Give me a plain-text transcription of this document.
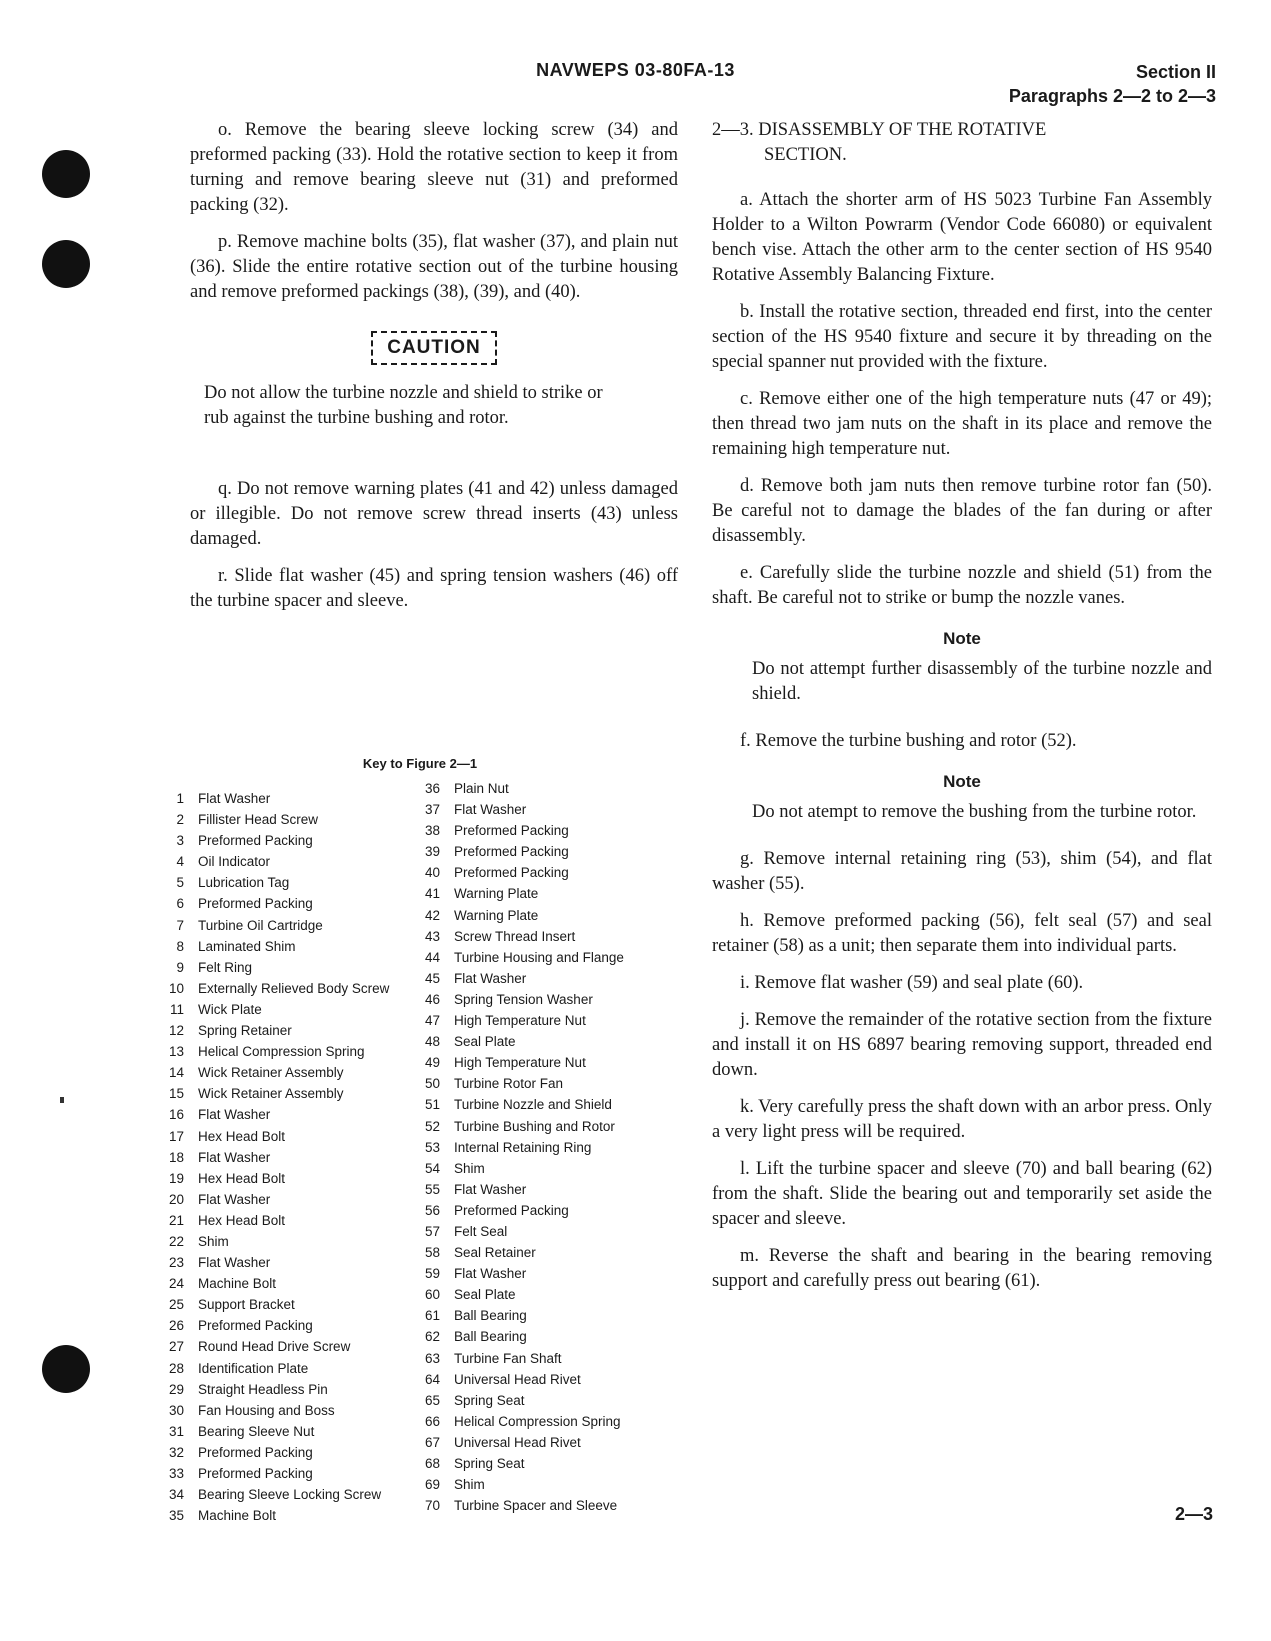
NAVWEPS 03-80FA-13	Section II
Paragraphs 2—2 to 2—3

o. Remove the bearing sleeve locking screw (34) and preformed packing (33). Hold the rotative section to keep it from turning and remove bearing sleeve nut (31) and preformed packing (32).

p. Remove machine bolts (35), flat washer (37), and plain nut (36). Slide the entire rotative section out of the turbine housing and remove preformed packings (38), (39), and (40).

CAUTION

Do not allow the turbine nozzle and shield to strike or rub against the turbine bushing and rotor.

q. Do not remove warning plates (41 and 42) unless damaged or illegible. Do not remove screw thread inserts (43) unless damaged.

r. Slide flat washer (45) and spring tension washers (46) off the turbine spacer and sleeve.

Key to Figure 2—1
1 Flat Washer
2 Fillister Head Screw
3 Preformed Packing
4 Oil Indicator
5 Lubrication Tag
6 Preformed Packing
7 Turbine Oil Cartridge
8 Laminated Shim
9 Felt Ring
10 Externally Relieved Body Screw
11 Wick Plate
12 Spring Retainer
13 Helical Compression Spring
14 Wick Retainer Assembly
15 Wick Retainer Assembly
16 Flat Washer
17 Hex Head Bolt
18 Flat Washer
19 Hex Head Bolt
20 Flat Washer
21 Hex Head Bolt
22 Shim
23 Flat Washer
24 Machine Bolt
25 Support Bracket
26 Preformed Packing
27 Round Head Drive Screw
28 Identification Plate
29 Straight Headless Pin
30 Fan Housing and Boss
31 Bearing Sleeve Nut
32 Preformed Packing
33 Preformed Packing
34 Bearing Sleeve Locking Screw
35 Machine Bolt
36 Plain Nut
37 Flat Washer
38 Preformed Packing
39 Preformed Packing
40 Preformed Packing
41 Warning Plate
42 Warning Plate
43 Screw Thread Insert
44 Turbine Housing and Flange
45 Flat Washer
46 Spring Tension Washer
47 High Temperature Nut
48 Seal Plate
49 High Temperature Nut
50 Turbine Rotor Fan
51 Turbine Nozzle and Shield
52 Turbine Bushing and Rotor
53 Internal Retaining Ring
54 Shim
55 Flat Washer
56 Preformed Packing
57 Felt Seal
58 Seal Retainer
59 Flat Washer
60 Seal Plate
61 Ball Bearing
62 Ball Bearing
63 Turbine Fan Shaft
64 Universal Head Rivet
65 Spring Seat
66 Helical Compression Spring
67 Universal Head Rivet
68 Spring Seat
69 Shim
70 Turbine Spacer and Sleeve
2—3. DISASSEMBLY OF THE ROTATIVE
SECTION.

a. Attach the shorter arm of HS 5023 Turbine Fan Assembly Holder to a Wilton Powrarm (Vendor Code 66080) or equivalent bench vise. Attach the other arm to the center section of HS 9540 Rotative Assembly Balancing Fixture.

b. Install the rotative section, threaded end first, into the center section of the HS 9540 fixture and secure it by threading on the special spanner nut provided with the fixture.

c. Remove either one of the high temperature nuts (47 or 49); then thread two jam nuts on the shaft in its place and remove the remaining high temperature nut.

d. Remove both jam nuts then remove turbine rotor fan (50). Be careful not to damage the blades of the fan during or after disassembly.

e. Carefully slide the turbine nozzle and shield (51) from the shaft. Be careful not to strike or bump the nozzle vanes.

Note

Do not attempt further disassembly of the turbine nozzle and shield.

f. Remove the turbine bushing and rotor (52).

Note

Do not atempt to remove the bushing from the turbine rotor.

g. Remove internal retaining ring (53), shim (54), and flat washer (55).

h. Remove preformed packing (56), felt seal (57) and seal retainer (58) as a unit; then separate them into individual parts.

i. Remove flat washer (59) and seal plate (60).

j. Remove the remainder of the rotative section from the fixture and install it on HS 6897 bearing removing support, threaded end down.

k. Very carefully press the shaft down with an arbor press. Only a very light press will be required.

l. Lift the turbine spacer and sleeve (70) and ball bearing (62) from the shaft. Slide the bearing out and temporarily set aside the spacer and sleeve.

m. Reverse the shaft and bearing in the bearing removing support and carefully press out bearing (61).

2—3
